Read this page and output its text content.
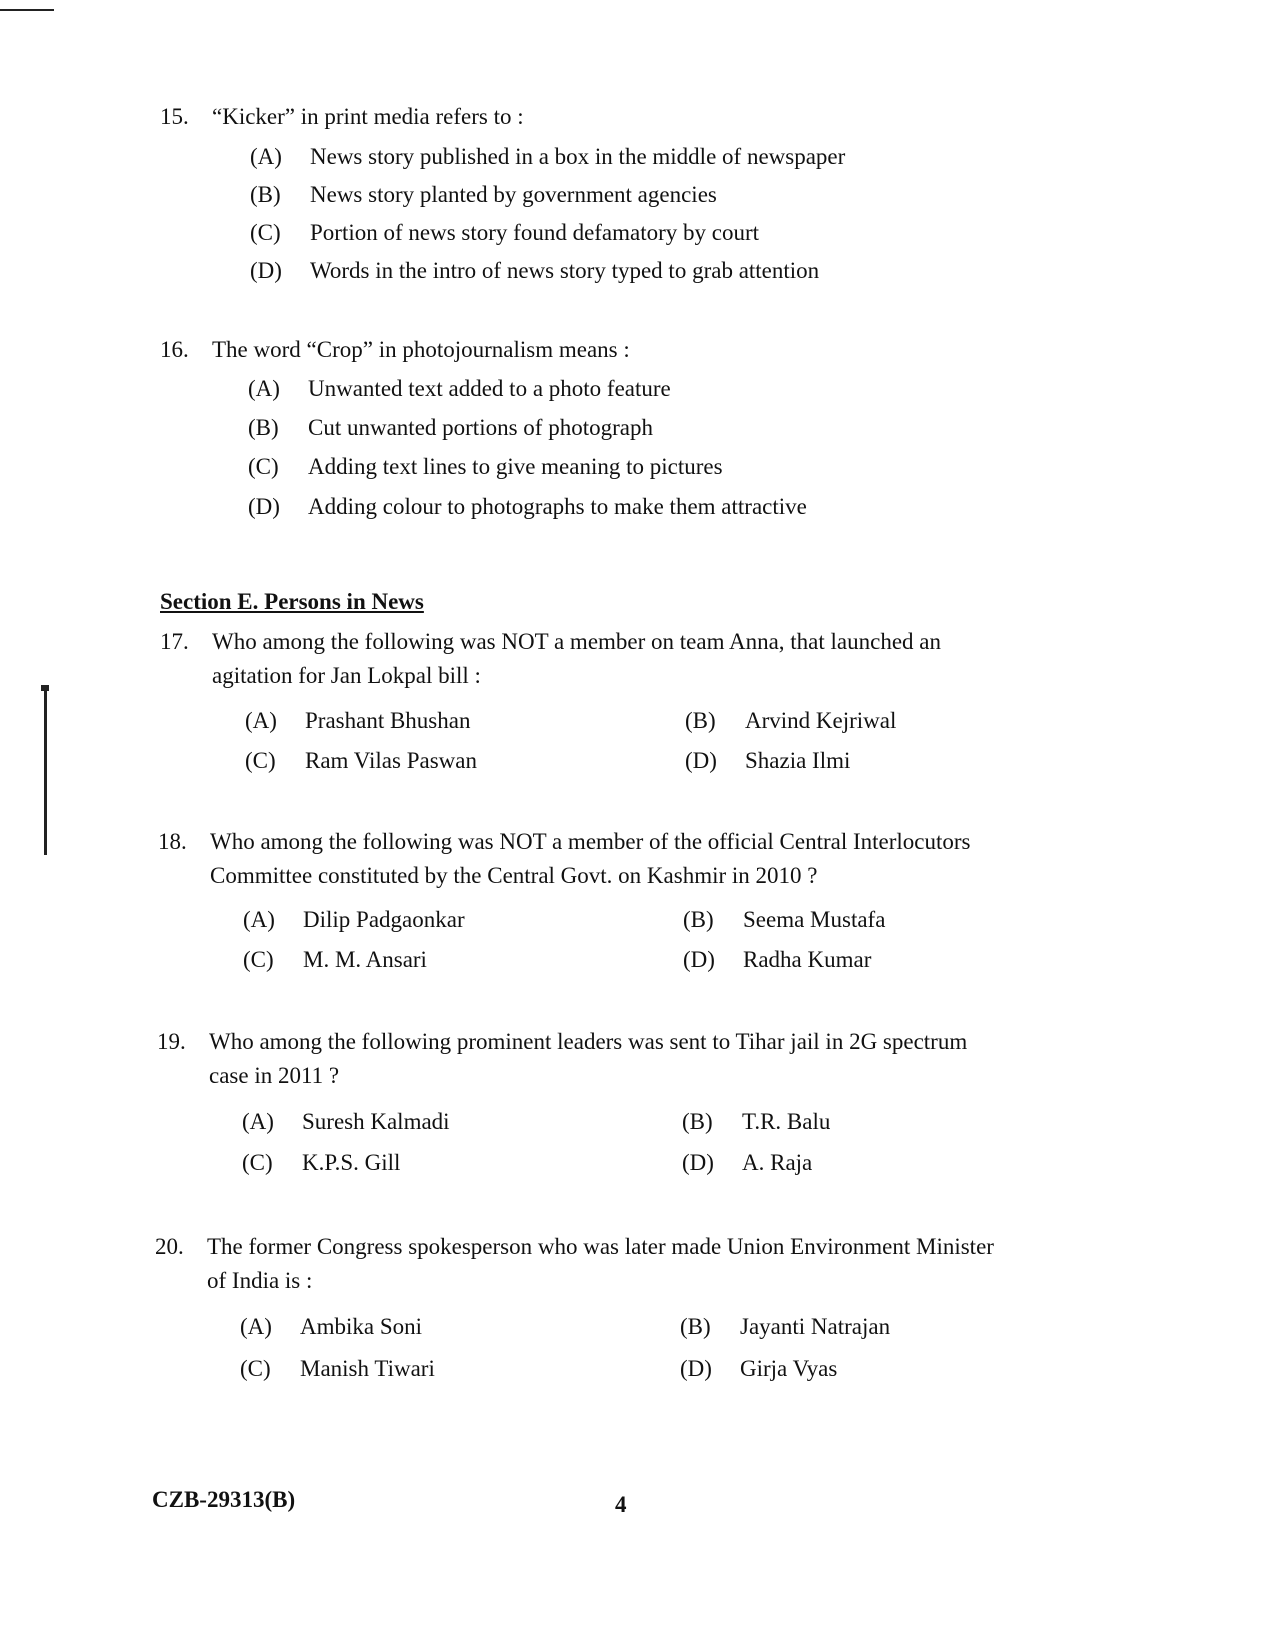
15. “Kicker” in print media refers to :
(A) News story published in a box in the middle of newspaper
(B) News story planted by government agencies
(C) Portion of news story found defamatory by court
(D) Words in the intro of news story typed to grab attention
16. The word “Crop” in photojournalism means :
(A) Unwanted text added to a photo feature
(B) Cut unwanted portions of photograph
(C) Adding text lines to give meaning to pictures
(D) Adding colour to photographs to make them attractive
Section E. Persons in News
17. Who among the following was NOT a member on team Anna, that launched an agitation for Jan Lokpal bill :
(A) Prashant Bhushan	(B) Arvind Kejriwal
(C) Ram Vilas Paswan	(D) Shazia Ilmi
18. Who among the following was NOT a member of the official Central Interlocutors Committee constituted by the Central Govt. on Kashmir in 2010 ?
(A) Dilip Padgaonkar	(B) Seema Mustafa
(C) M. M. Ansari	(D) Radha Kumar
19. Who among the following prominent leaders was sent to Tihar jail in 2G spectrum case in 2011 ?
(A) Suresh Kalmadi	(B) T.R. Balu
(C) K.P.S. Gill	(D) A. Raja
20. The former Congress spokesperson who was later made Union Environment Minister of India is :
(A) Ambika Soni	(B) Jayanti Natrajan
(C) Manish Tiwari	(D) Girja Vyas
CZB-29313(B)	4
